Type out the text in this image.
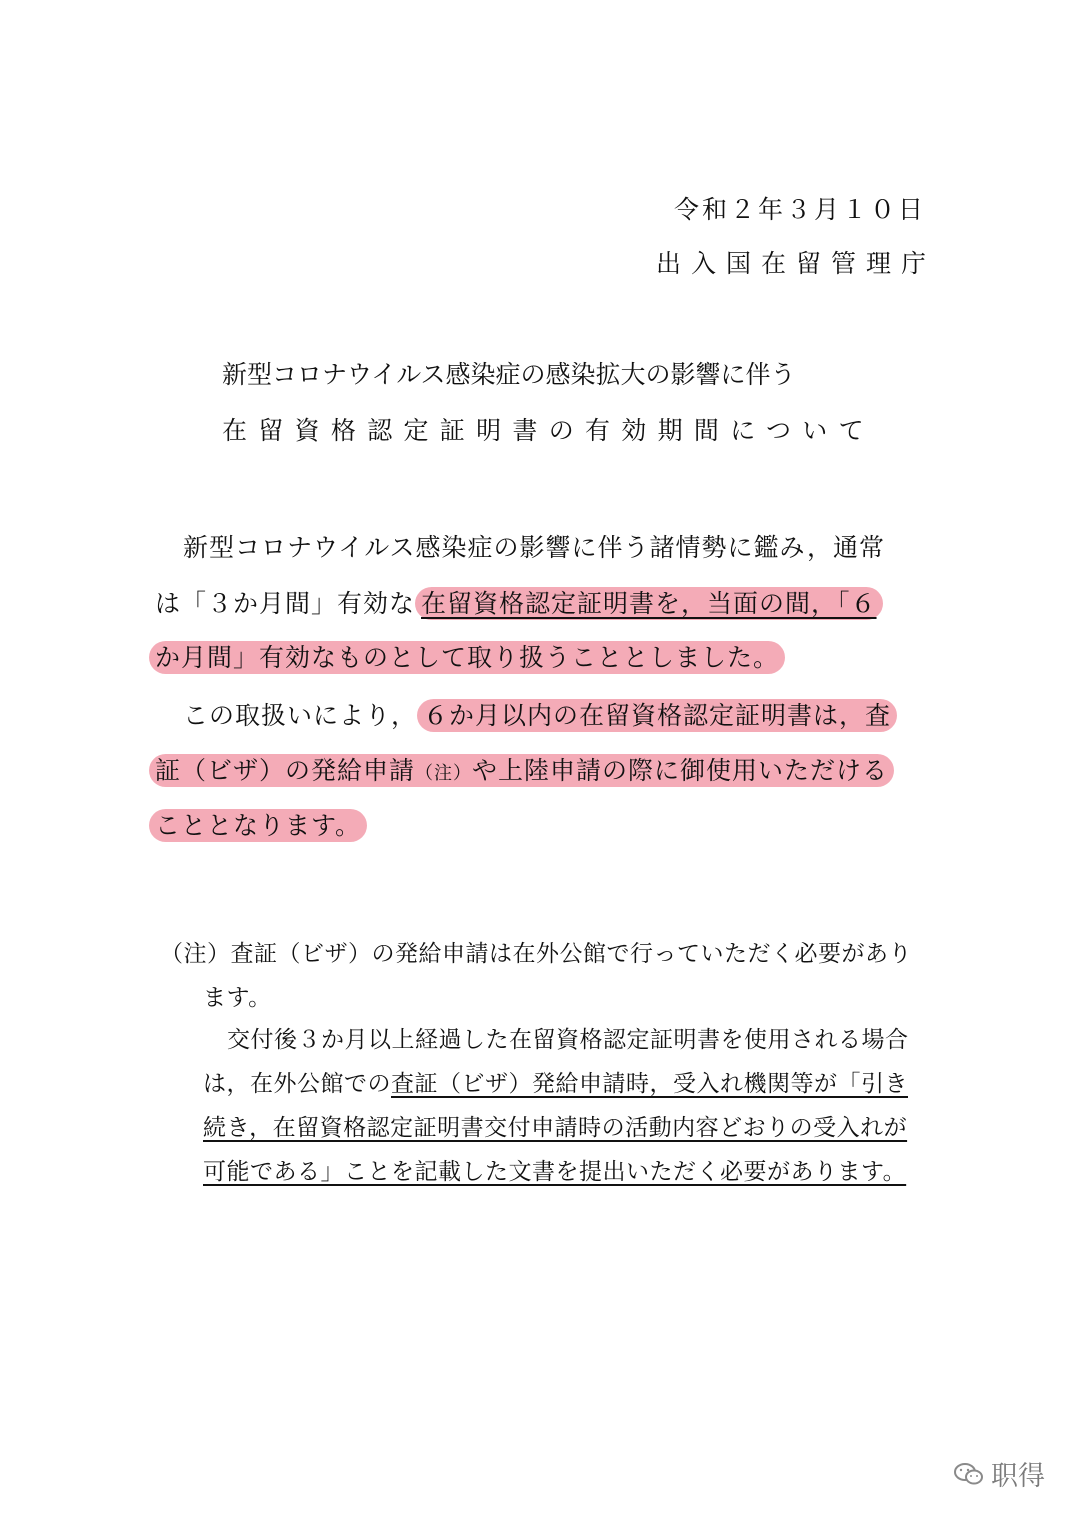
令和２年３月１０日
出入国在留管理庁
新型コロナウイルス感染症の感染拡大の影響に伴う
在留資格認定証明書の有効期間について
新型コロナウイルス感染症の影響に伴う諸情勢に鑑み，通常
は「３か月間」有効な 在留資格認定証明書を，当面の間，「６
か月間」有効なものとして取り扱うこととしました。
この取扱いにより， ６か月以内の在留資格認定証明書は，査
証（ビザ）の発給申請（注）や上陸申請の際に御使用いただける
こととなります。
（注）査証（ビザ）の発給申請は在外公館で行っていただく必要があり
ます。
交付後３か月以上経過した在留資格認定証明書を使用される場合
は，在外公館での査証（ビザ）発給申請時，受入れ機関等が「引き
続き，在留資格認定証明書交付申請時の活動内容どおりの受入れが
可能である」ことを記載した文書を提出いただく必要があります。
职得
